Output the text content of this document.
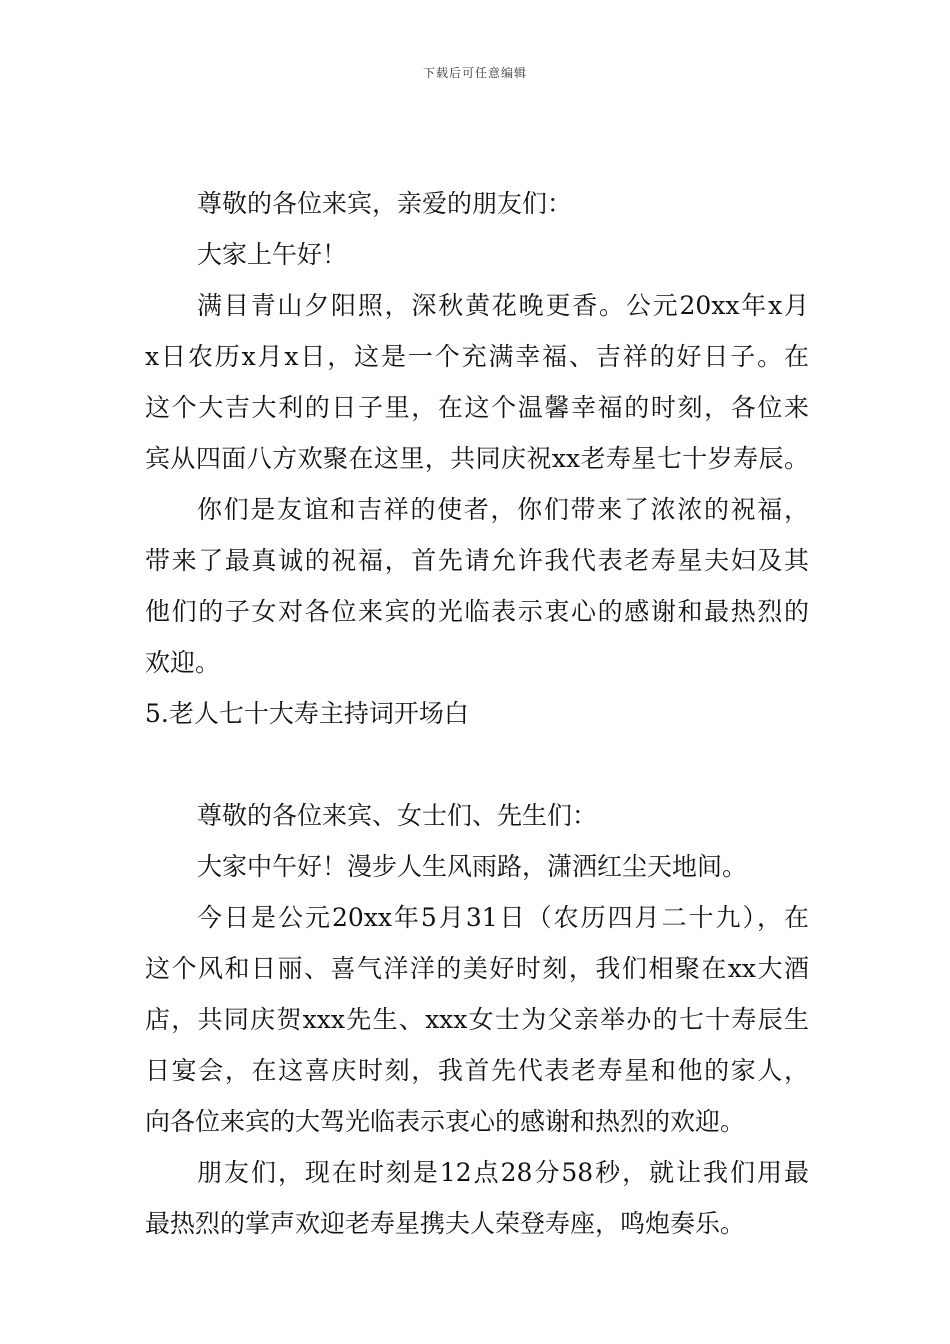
下载后可任意编辑
尊敬的各位来宾，亲爱的朋友们：
大家上午好！
满目青山夕阳照，深秋黄花晚更香。公元20xx年x月
x日农历x月x日，这是一个充满幸福、吉祥的好日子。在
这个大吉大利的日子里，在这个温馨幸福的时刻，各位来
宾从四面八方欢聚在这里，共同庆祝xx老寿星七十岁寿辰。
你们是友谊和吉祥的使者，你们带来了浓浓的祝福，
带来了最真诚的祝福，首先请允许我代表老寿星夫妇及其
他们的子女对各位来宾的光临表示衷心的感谢和最热烈的
欢迎。
5.老人七十大寿主持词开场白
尊敬的各位来宾、女士们、先生们：
大家中午好！漫步人生风雨路，潇洒红尘天地间。
今日是公元20xx年5月31日（农历四月二十九），在
这个风和日丽、喜气洋洋的美好时刻，我们相聚在xx大酒
店，共同庆贺xxx先生、xxx女士为父亲举办的七十寿辰生
日宴会，在这喜庆时刻，我首先代表老寿星和他的家人，
向各位来宾的大驾光临表示衷心的感谢和热烈的欢迎。
朋友们，现在时刻是12点28分58秒，就让我们用最
最热烈的掌声欢迎老寿星携夫人荣登寿座，鸣炮奏乐。
